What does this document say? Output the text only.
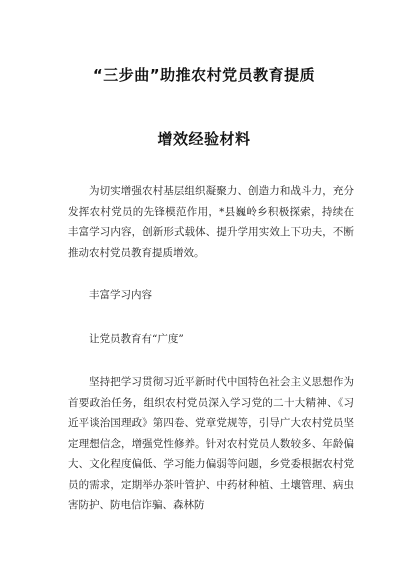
“三步曲”助推农村党员教育提质
增效经验材料

为切实增强农村基层组织凝聚力、创造力和战斗力，充分发挥农村党员的先锋模范作用，*县巍岭乡积极探索，持续在丰富学习内容，创新形式载体、提升学用实效上下功夫，不断推动农村党员教育提质增效。

丰富学习内容
让党员教育有“广度”

坚持把学习贯彻习近平新时代中国特色社会主义思想作为首要政治任务，组织农村党员深入学习党的二十大精神、《习近平谈治国理政》第四卷、党章党规等，引导广大农村党员坚定理想信念，增强党性修养。针对农村党员人数较多、年龄偏大、文化程度偏低、学习能力偏弱等问题，乡党委根据农村党员的需求，定期举办茶叶管护、中药材种植、土壤管理、病虫害防护、防电信诈骗、森林防
